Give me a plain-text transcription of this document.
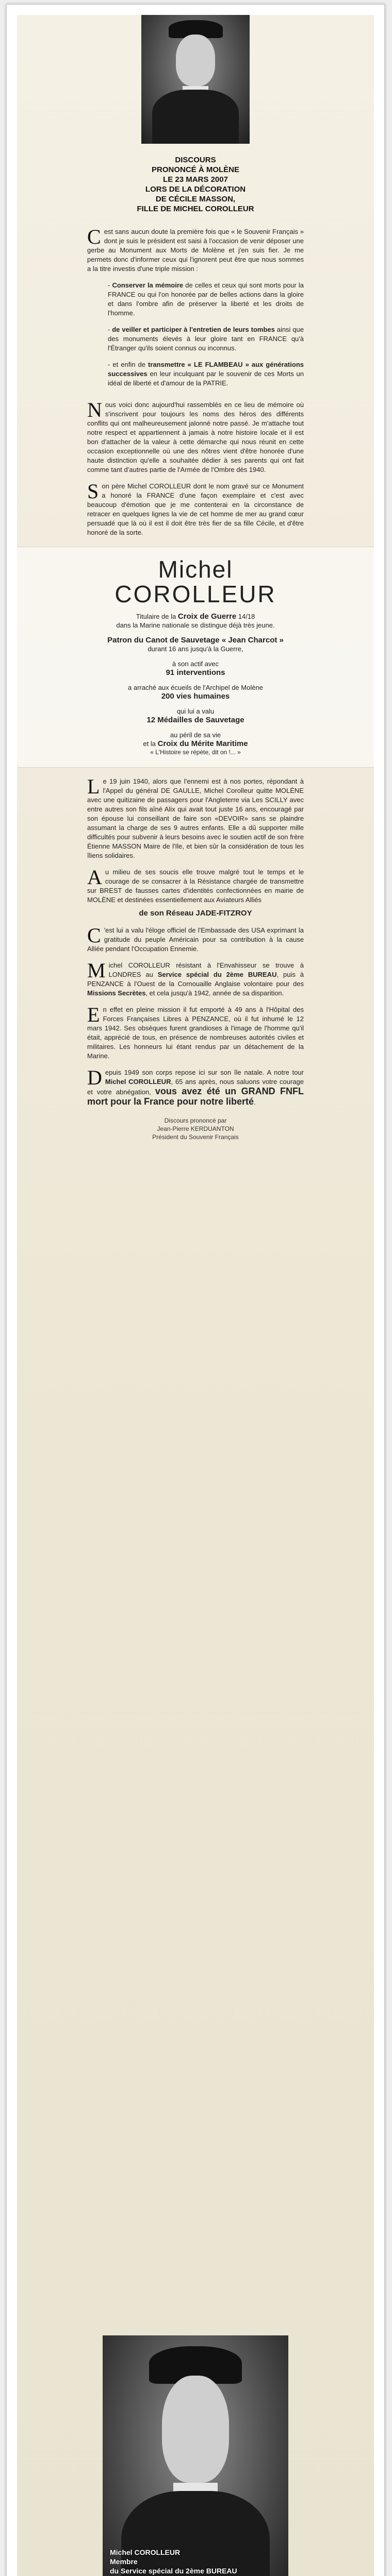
DISCOURS
PRONONCÉ À MOLÈNE
LE 23 MARS 2007
LORS DE LA DÉCORATION
DE CÉCILE MASSON,
FILLE DE MICHEL COROLLEUR

Cest sans aucun doute la première fois que « le Souvenir Français » dont je suis le président est saisi à l'occasion de venir déposer une gerbe au Monument aux Morts de Molène et j'en suis fier. Je me permets donc d'informer ceux qui l'ignorent peut être que nous sommes a la titre investis d'une triple mission :

- Conserver la mémoire de celles et ceux qui sont morts pour la FRANCE ou qui l'on honorée par de belles actions dans la gloire et dans l'ombre afin de préserver la liberté et les droits de l'homme.

- de veiller et participer à l'entretien de leurs tombes ainsi que des monuments élevés à leur gloire tant en FRANCE qu'à l'Étranger qu'ils soient connus ou inconnus.

- et enfin de transmettre « LE FLAMBEAU » aux générations successives en leur inculquant par le souvenir de ces Morts un idéal de liberté et d'amour de la PATRIE.

Nous voici donc aujourd'hui rassemblés en ce lieu de mémoire où s'inscrivent pour toujours les noms des héros des différents conflits qui ont malheureusement jalonné notre passé. Je m'attache tout notre respect et appartiennent à jamais à notre histoire locale et il est bon d'attacher de la valeur à cette démarche qui nous réunit en cette occasion exceptionnelle où une des nôtres vient d'être honorée d'une haute distinction qu'elle a souhaitée dédier à ses parents qui ont fait comme tant d'autres partie de l'Armée de l'Ombre dès 1940.

Son père Michel COROLLEUR dont le nom gravé sur ce Monument a honoré la FRANCE d'une façon exemplaire et c'est avec beaucoup d'émotion que je me contenterai en la circonstance de retracer en quelques lignes la vie de cet homme de mer au grand cœur persuadé que là où il est il doit être très fier de sa fille Cécile, et d'être honoré de la sorte.

Michel
COROLLEUR
Titulaire de la Croix de Guerre 14/18
dans la Marine nationale se distingue déjà très jeune.
Patron du Canot de Sauvetage « Jean Charcot »
durant 16 ans jusqu'à la Guerre,
à son actif avec
91 interventions
a arraché aux écueils de l'Archipel de Molène
200 vies humaines
qui lui a valu
12 Médailles de Sauvetage
au péril de sa vie
et la Croix du Mérite Maritime
« L'Histoire se répète, dit on !... »

Le 19 juin 1940, alors que l'ennemi est à nos portes, répondant à l'Appel du général DE GAULLE, Michel Corolleur quitte MOLÈNE avec une quitizaine de passagers pour l'Angleterre via Les SCILLY avec entre autres son fils aîné Alix qui avait tout juste 16 ans, encouragé par son épouse lui conseillant de faire son «DEVOIR» sans se plaindre assumant la charge de ses 9 autres enfants. Elle a dû supporter mille difficultés pour subvenir à leurs besoins avec le soutien actif de son frère Étienne MASSON Maire de l'Ile, et bien sûr la considération de tous les îliens solidaires.

Au milieu de ses soucis elle trouve malgré tout le temps et le courage de se consacrer à la Résistance chargée de transmettre sur BREST de fausses cartes d'identités confectionnées en mairie de MOLÈNE et destinées essentiellement aux Aviateurs Alliés

de son Réseau JADE-FITZROY

C 'est lui a valu l'éloge officiel de l'Embassade des USA exprimant la gratitude du peuple Américain pour sa contribution à la cause Alliée pendant l'Occupation Ennemie.

Michel COROLLEUR résistant à l'Envahisseur se trouve à LONDRES au Service spécial du 2ème BUREAU, puis à PENZANCE à l'Ouest de la Cornouaille Anglaise volontaire pour des Missions Secrètes, et cela jusqu'à 1942, année de sa disparition.

En effet en pleine mission il fut emporté à 49 ans à l'Hôpital des Forces Françaises Libres à PENZANCE, où il fut inhumé le 12 mars 1942. Ses obsèques furent grandioses à l'image de l'homme qu'il était, apprécié de tous, en présence de nombreuses autorités civiles et militaires. Les honneurs lui étant rendus par un détachement de la Marine.

Depuis 1949 son corps repose ici sur son île natale. A notre tour Michel COROLLEUR, 65 ans après, nous saluons votre courage et votre abnégation, vous avez été un GRAND FNFL mort pour la France pour notre liberté.

Discours prononcé par
Jean-Pierre KERDUANTON
Président du Souvenir Français
Michel COROLLEUR
Membre
du Service spécial du 2ème BUREAU
